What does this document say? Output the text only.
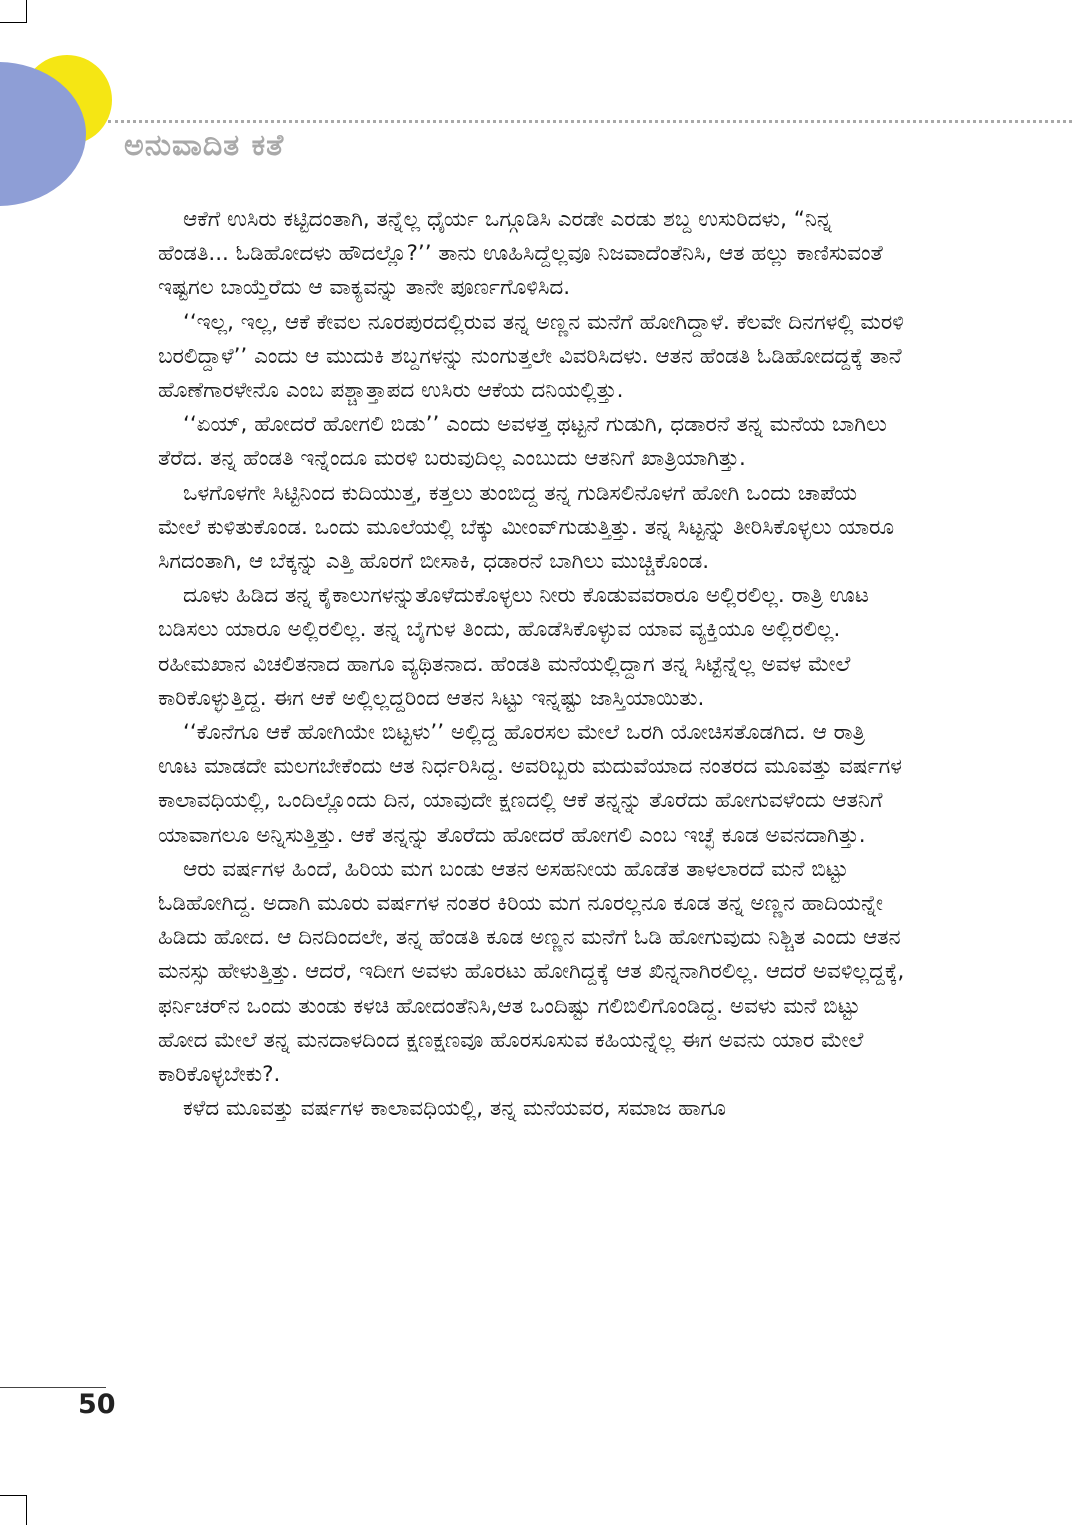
ಅನುವಾದಿತ ಕತೆ

ಆಕೆಗೆ ಉಸಿರು ಕಟ್ಟಿದಂತಾಗಿ, ತನ್ನೆಲ್ಲ ಧೈರ್ಯ ಒಗ್ಗೂಡಿಸಿ ಎರಡೇ ಎರಡು ಶಬ್ದ ಉಸುರಿದಳು, “ನಿನ್ನ ಹೆಂಡತಿ... ಓಡಿಹೋದಳು ಹೌದಲ್ಲೊ?’’ ತಾನು ಊಹಿಸಿದ್ದೆಲ್ಲವೂ ನಿಜವಾದೆಂತೆನಿಸಿ, ಆತ ಹಲ್ಲು ಕಾಣಿಸುವಂತೆ ಇಷ್ಟಗಲ ಬಾಯ್ತೆರೆದು ಆ ವಾಕ್ಯವನ್ನು ತಾನೇ ಪೂರ್ಣಗೊಳಿಸಿದ.

‘‘ಇಲ್ಲ, ಇಲ್ಲ, ಆಕೆ ಕೇವಲ ನೂರಪುರದಲ್ಲಿರುವ ತನ್ನ ಅಣ್ಣನ ಮನೆಗೆ ಹೋಗಿದ್ದಾಳೆ. ಕೆಲವೇ ದಿನಗಳಲ್ಲಿ ಮರಳಿ ಬರಲಿದ್ದಾಳೆ’’ ಎಂದು ಆ ಮುದುಕಿ ಶಬ್ದಗಳನ್ನು ನುಂಗುತ್ತಲೇ ವಿವರಿಸಿದಳು. ಆತನ ಹೆಂಡತಿ ಓಡಿಹೋದದ್ದಕ್ಕೆ ತಾನೆ ಹೊಣೆಗಾರಳೇನೊ ಎಂಬ ಪಶ್ಚಾತ್ತಾಪದ ಉಸಿರು ಆಕೆಯ ದನಿಯಲ್ಲಿತ್ತು.

‘‘ಏಯ್, ಹೋದರೆ ಹೋಗಲಿ ಬಿಡು’’ ಎಂದು ಅವಳತ್ತ ಥಟ್ಟನೆ ಗುಡುಗಿ, ಧಡಾರನೆ ತನ್ನ ಮನೆಯ ಬಾಗಿಲು ತೆರೆದ. ತನ್ನ ಹೆಂಡತಿ ಇನ್ನೆಂದೂ ಮರಳಿ ಬರುವುದಿಲ್ಲ ಎಂಬುದು ಆತನಿಗೆ ಖಾತ್ರಿಯಾಗಿತ್ತು.

ಒಳಗೊಳಗೇ ಸಿಟ್ಟಿನಿಂದ ಕುದಿಯುತ್ತ, ಕತ್ತಲು ತುಂಬಿದ್ದ ತನ್ನ ಗುಡಿಸಲಿನೊಳಗೆ ಹೋಗಿ ಒಂದು ಚಾಪೆಯ ಮೇಲೆ ಕುಳಿತುಕೊಂಡ. ಒಂದು ಮೂಲೆಯಲ್ಲಿ ಬೆಕ್ಕು ಮೀಂವ್‌ಗುಡುತ್ತಿತ್ತು. ತನ್ನ ಸಿಟ್ಟನ್ನು ತೀರಿಸಿಕೊಳ್ಳಲು ಯಾರೂ ಸಿಗದಂತಾಗಿ, ಆ ಬೆಕ್ಕನ್ನು ಎತ್ತಿ ಹೊರಗೆ ಬೀಸಾಕಿ, ಧಡಾರನೆ ಬಾಗಿಲು ಮುಚ್ಚಿಕೊಂಡ.

ದೂಳು ಹಿಡಿದ ತನ್ನ ಕೈಕಾಲುಗಳನ್ನುತೊಳೆದುಕೊಳ್ಳಲು ನೀರು ಕೊಡುವವರಾರೂ ಅಲ್ಲಿರಲಿಲ್ಲ. ರಾತ್ರಿ ಊಟ ಬಡಿಸಲು ಯಾರೂ ಅಲ್ಲಿರಲಿಲ್ಲ. ತನ್ನ ಬೈಗುಳ ತಿಂದು, ಹೊಡೆಸಿಕೊಳ್ಳುವ ಯಾವ ವ್ಯಕ್ತಿಯೂ ಅಲ್ಲಿರಲಿಲ್ಲ. ರಹೀಮಖಾನ ವಿಚಲಿತನಾದ ಹಾಗೂ ವ್ಯಥಿತನಾದ. ಹೆಂಡತಿ ಮನೆಯಲ್ಲಿದ್ದಾಗ ತನ್ನ ಸಿಟ್ಟೆನ್ನೆಲ್ಲ ಅವಳ ಮೇಲೆ ಕಾರಿಕೊಳ್ಳುತ್ತಿದ್ದ. ಈಗ ಆಕೆ ಅಲ್ಲಿಲ್ಲದ್ದರಿಂದ ಆತನ ಸಿಟ್ಟು ಇನ್ನಷ್ಟು ಜಾಸ್ತಿಯಾಯಿತು.

‘‘ಕೊನೆಗೂ ಆಕೆ ಹೋಗಿಯೇ ಬಿಟ್ಟಳು’’ ಅಲ್ಲಿದ್ದ ಹೊರಸಲ ಮೇಲೆ ಒರಗಿ ಯೋಚಿಸತೊಡಗಿದ. ಆ ರಾತ್ರಿ ಊಟ ಮಾಡದೇ ಮಲಗಬೇಕೆಂದು ಆತ ನಿರ್ಧರಿಸಿದ್ದ. ಅವರಿಬ್ಬರು ಮದುವೆಯಾದ ನಂತರದ ಮೂವತ್ತು ವರ್ಷಗಳ ಕಾಲಾವಧಿಯಲ್ಲಿ, ಒಂದಿಲ್ಲೊಂದು ದಿನ, ಯಾವುದೇ ಕ್ಷಣದಲ್ಲಿ ಆಕೆ ತನ್ನನ್ನು ತೊರೆದು ಹೋಗುವಳೆಂದು ಆತನಿಗೆ ಯಾವಾಗಲೂ ಅನ್ನಿಸುತ್ತಿತ್ತು. ಆಕೆ ತನ್ನನ್ನು ತೊರೆದು ಹೋದರೆ ಹೋಗಲಿ ಎಂಬ ಇಚ್ಛೆ ಕೂಡ ಅವನದಾಗಿತ್ತು.

ಆರು ವರ್ಷಗಳ ಹಿಂದೆ, ಹಿರಿಯ ಮಗ ಬಂಡು ಆತನ ಅಸಹನೀಯ ಹೊಡೆತ ತಾಳಲಾರದೆ ಮನೆ ಬಿಟ್ಟು ಓಡಿಹೋಗಿದ್ದ. ಅದಾಗಿ ಮೂರು ವರ್ಷಗಳ ನಂತರ ಕಿರಿಯ ಮಗ ನೂರಲ್ಲನೂ ಕೂಡ ತನ್ನ ಅಣ್ಣನ ಹಾದಿಯನ್ನೇ ಹಿಡಿದು ಹೋದ. ಆ ದಿನದಿಂದಲೇ, ತನ್ನ ಹೆಂಡತಿ ಕೂಡ ಅಣ್ಣನ ಮನೆಗೆ ಓಡಿ ಹೋಗುವುದು ನಿಶ್ಚಿತ ಎಂದು ಆತನ ಮನಸ್ಸು ಹೇಳುತ್ತಿತ್ತು. ಆದರೆ, ಇದೀಗ ಅವಳು ಹೊರಟು ಹೋಗಿದ್ದಕ್ಕೆ ಆತ ಖಿನ್ನನಾಗಿರಲಿಲ್ಲ. ಆದರೆ ಅವಳಿಲ್ಲದ್ದಕ್ಕೆ, ಫರ್ನಿಚರ್‌ನ ಒಂದು ತುಂಡು ಕಳಚಿ ಹೋದಂತೆನಿಸಿ,ಆತ ಒಂದಿಷ್ಟು ಗಲಿಬಿಲಿಗೊಂಡಿದ್ದ. ಅವಳು ಮನೆ ಬಿಟ್ಟು ಹೋದ ಮೇಲೆ ತನ್ನ ಮನದಾಳದಿಂದ ಕ್ಷಣಕ್ಷಣವೂ ಹೊರಸೂಸುವ ಕಹಿಯನ್ನೆಲ್ಲ ಈಗ ಅವನು ಯಾರ ಮೇಲೆ ಕಾರಿಕೊಳ್ಳಬೇಕು?.

ಕಳೆದ ಮೂವತ್ತು ವರ್ಷಗಳ ಕಾಲಾವಧಿಯಲ್ಲಿ, ತನ್ನ ಮನೆಯವರ, ಸಮಾಜ ಹಾಗೂ

50
